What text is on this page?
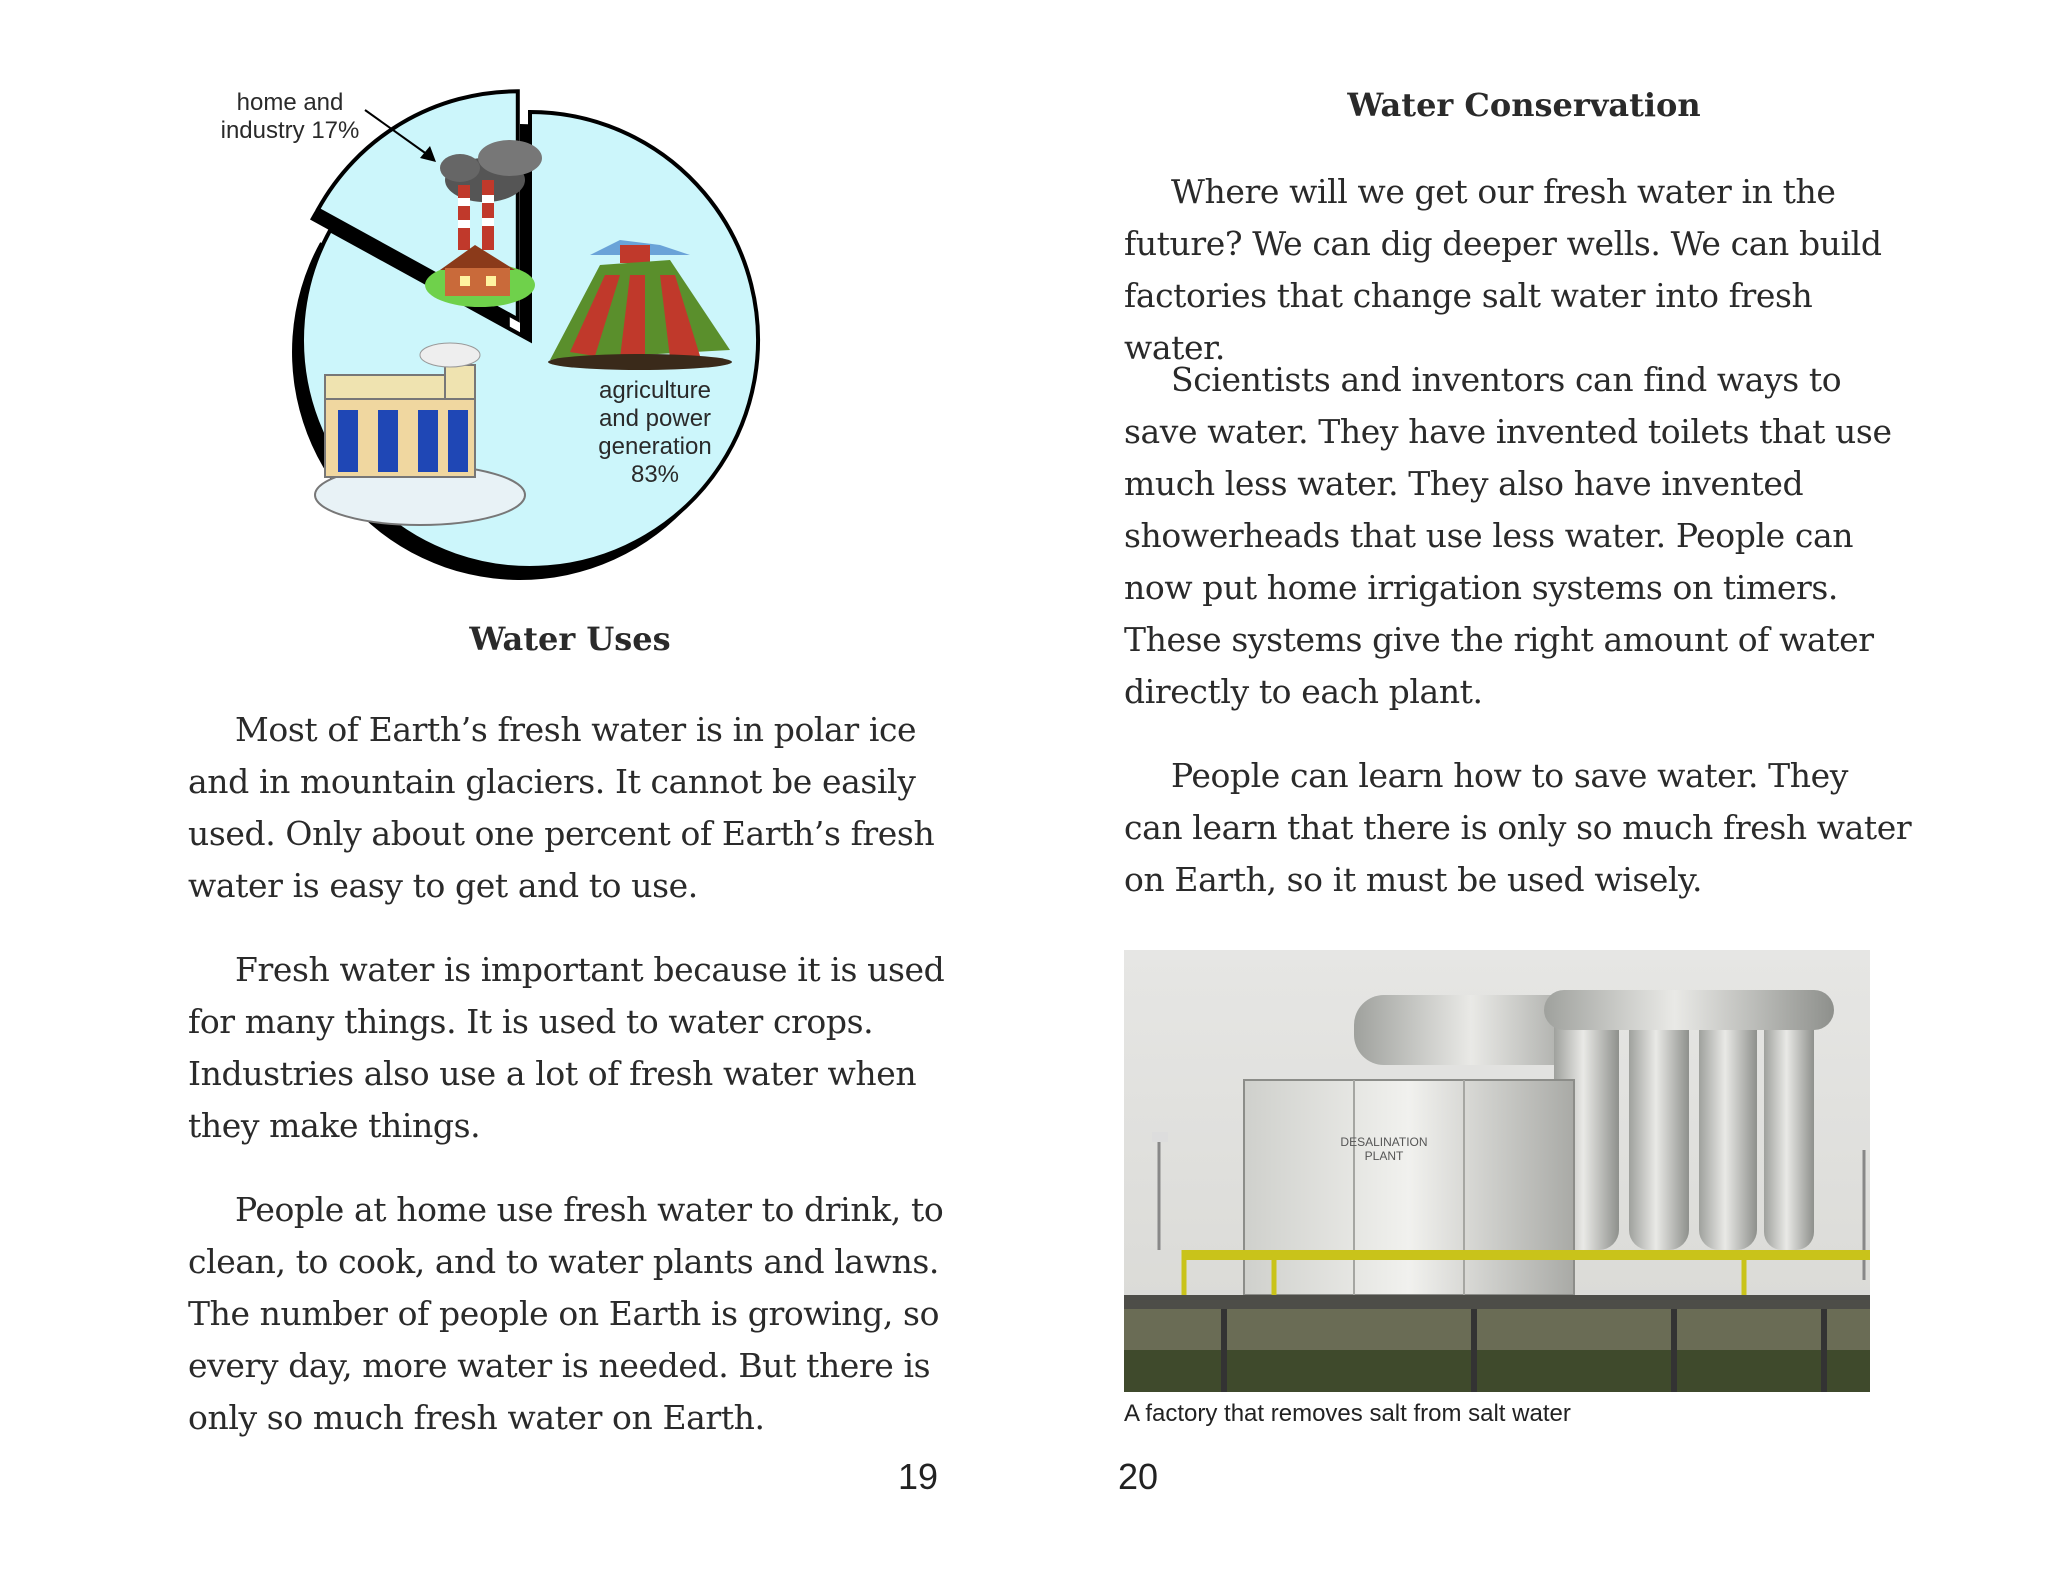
home and
industry 17%
agriculture
and power
generation
83%
Water Uses

Most of Earth’s fresh water is in polar ice and in mountain glaciers. It cannot be easily used. Only about one percent of Earth’s fresh water is easy to get and to use.

Fresh water is important because it is used for many things. It is used to water crops. Industries also use a lot of fresh water when they make things.

People at home use fresh water to drink, to clean, to cook, and to water plants and lawns. The number of people on Earth is growing, so every day, more water is needed. But there is only so much fresh water on Earth.

19

Water Conservation

Where will we get our fresh water in the future? We can dig deeper wells. We can build factories that change salt water into fresh water.

Scientists and inventors can find ways to save water. They have invented toilets that use much less water. They also have invented showerheads that use less water. People can now put home irrigation systems on timers. These systems give the right amount of water directly to each plant.

People can learn how to save water. They can learn that there is only so much fresh water on Earth, so it must be used wisely.

DESALINATION
PLANT

A factory that removes salt from salt water

20
